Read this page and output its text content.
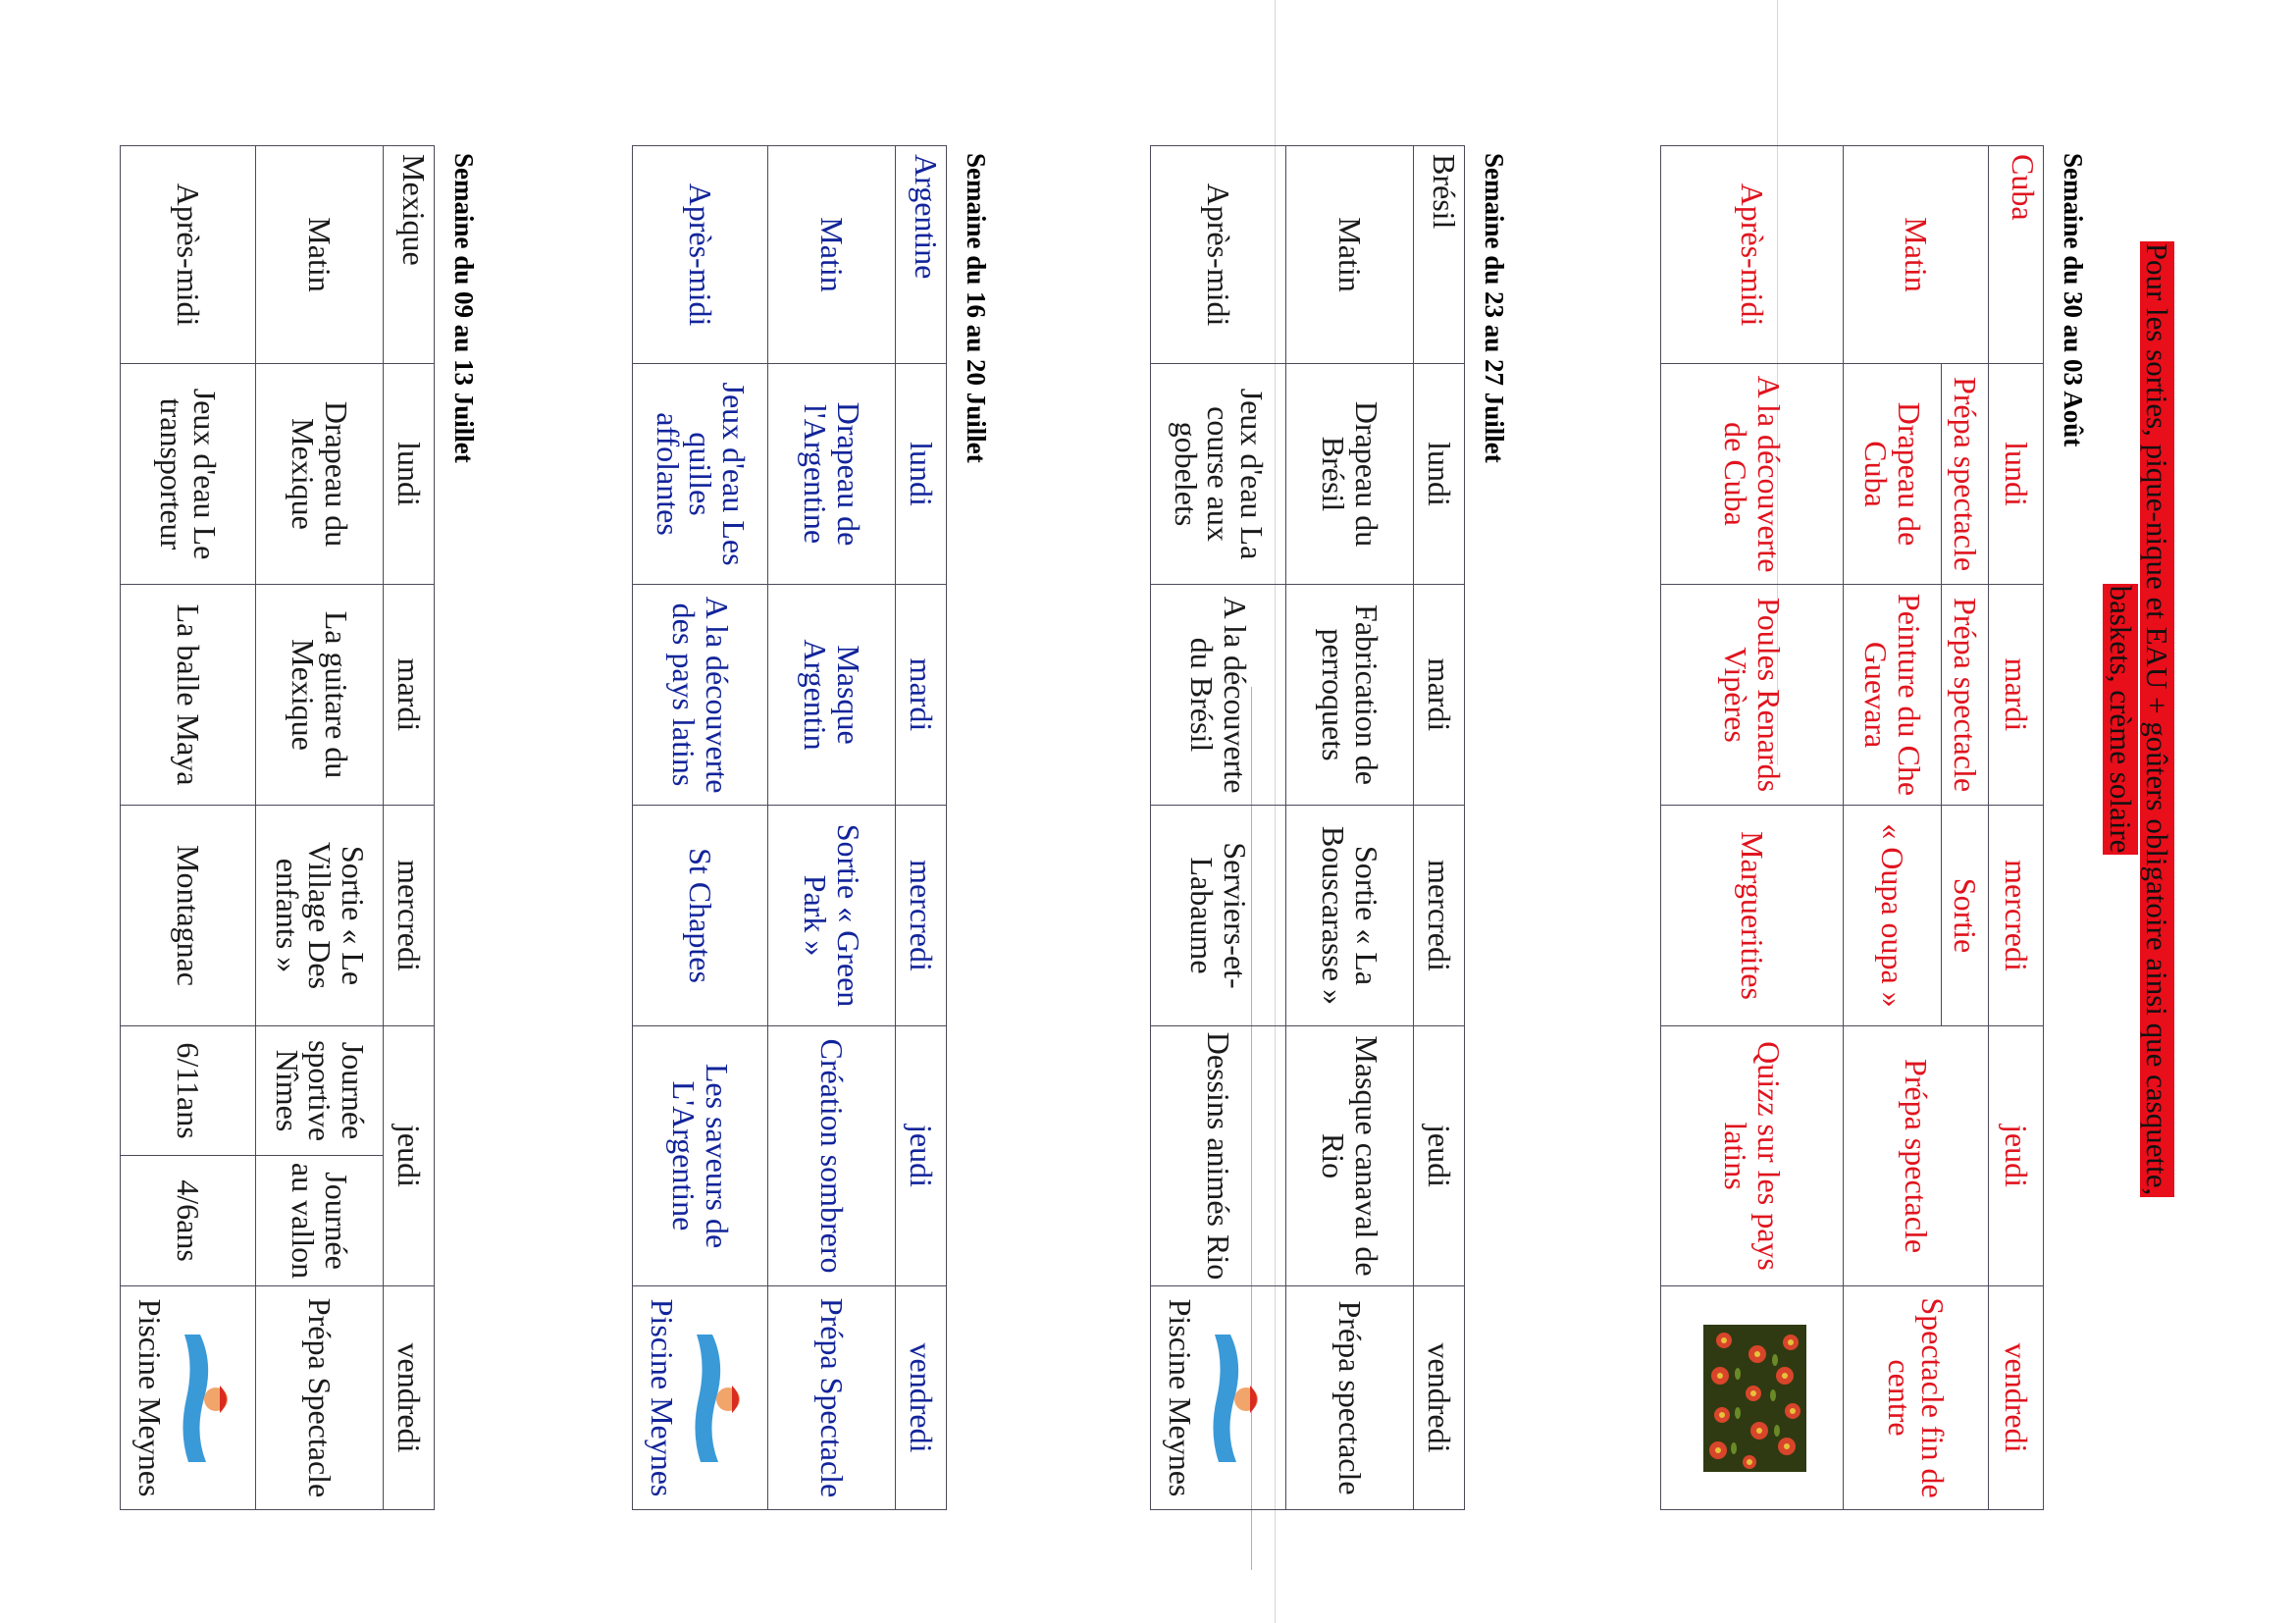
Semaine du 09 au 13 Juillet
Mexique	lundi	mardi	mercredi	jeudi		vendredi
Matin	Drapeau du Mexique	La guitare du Mexique	Sortie « Le Village Des enfants »	Journée sportive Nîmes	Journée au vallon	Prépa Spectacle
Après-midi	Jeux d'eau Le transporteur	La balle Maya	Montagnac	6/11ans	4/6ans	Piscine Meynes
Semaine du 16 au 20 Juillet
Argentine	lundi	mardi	mercredi	jeudi	vendredi
Matin	Drapeau de l'Argentine	Masque Argentin	Sortie « Green Park »	Création sombrero	Prépa Spectacle
Après-midi	Jeux d'eau Les quilles affolantes	A la découverte des pays latins	St Chaptes	Les saveurs de L'Argentine	Piscine Meynes
Semaine du 23 au 27 Juillet
Brésil	lundi	mardi	mercredi	jeudi	vendredi
Matin	Drapeau du Brésil	Fabrication de perroquets	Sortie « La Bouscarasse »	Masque canaval de Rio	Prépa spectacle
Après-midi	Jeux d'eau La course aux gobelets	A la découverte du Brésil	Serviers-et-Labaume	Dessins animés Rio	Piscine Meynes
Semaine du 30 au 03 Août
Cuba	lundi	mardi	mercredi	jeudi	vendredi
Matin	Prépa spectacle	Prépa spectacle	Sortie	Prépa spectacle	Spectacle fin de centre
	Drapeau de Cuba	Peinture du Che Guevara	« Oupa oupa »		
Après-midi	A la découverte de Cuba	Poules Renards Vipères	Margueritites	Quizz sur les pays latins		Pour les sorties, pique-nique et EAU + goûters obligatoire ainsi que casquette,
baskets, crème solaire
